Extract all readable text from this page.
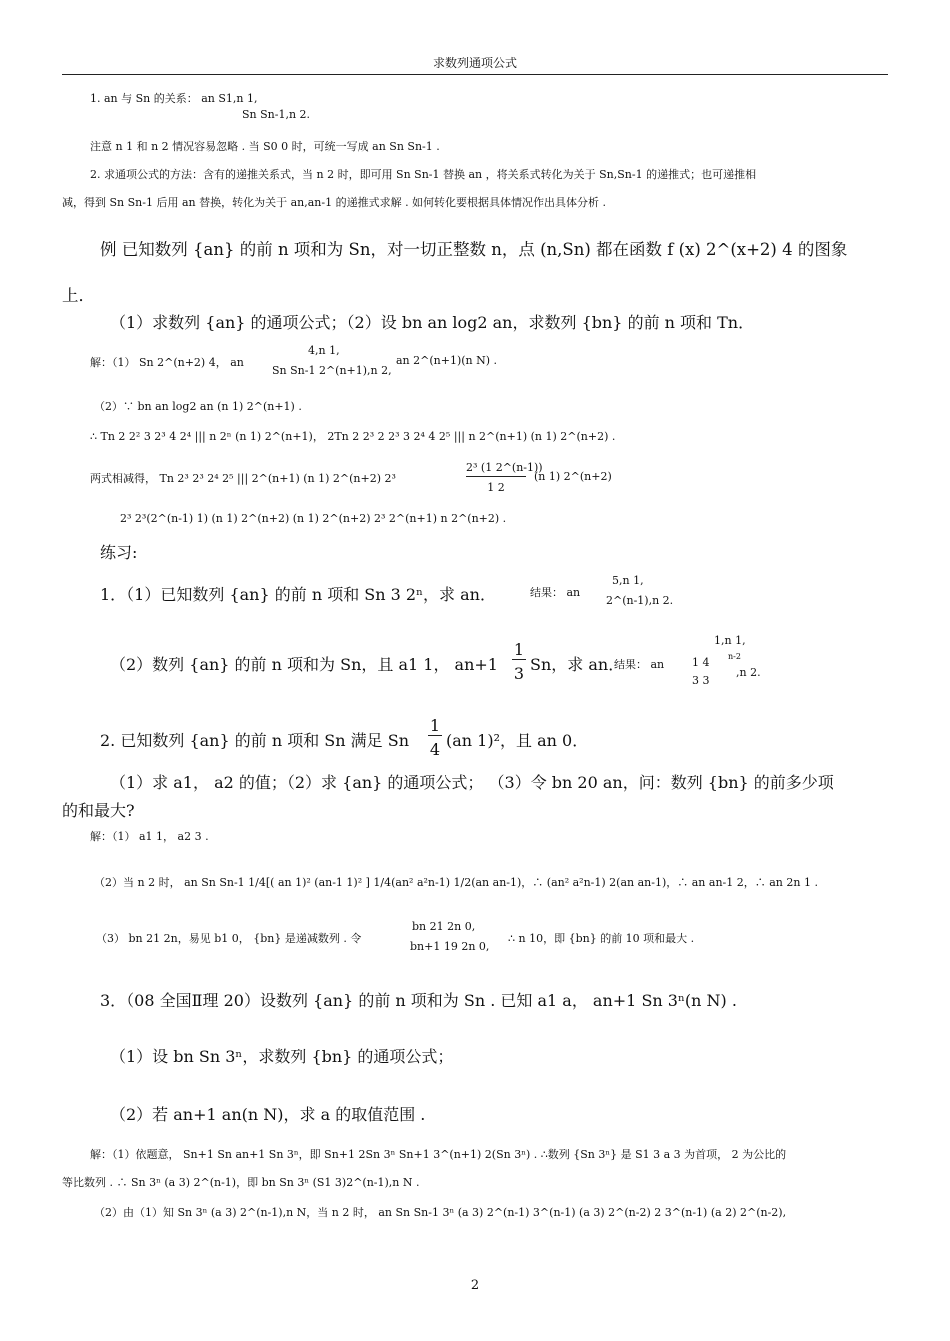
求数列通项公式
1. an 与 Sn 的关系： an S1,n 1,
Sn Sn-1,n 2.
注意 n 1 和 n 2 情况容易忽略 . 当 S0 0 时，可统一写成 an Sn Sn-1 .
2. 求通项公式的方法：含有的递推关系式，当 n 2 时，即可用 Sn Sn-1 替换 an ，将关系式转化为关于 Sn,Sn-1 的递推式；也可递推相
减，得到 Sn Sn-1 后用 an 替换，转化为关于 an,an-1 的递推式求解 . 如何转化要根据具体情况作出具体分析 .
例 已知数列 {an} 的前 n 项和为 Sn，对一切正整数 n，点 (n,Sn) 都在函数 f (x) 2^(x+2) 4 的图象
上．
（1）求数列 {an} 的通项公式；（2）设 bn an log2 an，求数列 {bn} 的前 n 项和 Tn．
4,n 1,
解：（1） Sn 2^(n+2) 4， an
Sn Sn-1 2^(n+1),n 2,
an 2^(n+1)(n N) .
（2）∵ bn an log2 an (n 1) 2^(n+1) .
∴ Tn 2 2² 3 2³ 4 2⁴ ||| n 2ⁿ (n 1) 2^(n+1)， 2Tn 2 2³ 2 2³ 3 2⁴ 4 2⁵ ||| n 2^(n+1) (n 1) 2^(n+2) .
两式相减得， Tn 2³ 2³ 2⁴ 2⁵ ||| 2^(n+1) (n 1) 2^(n+2) 2³
2³ (1 2^(n-1))
1 2
(n 1) 2^(n+2)
2³ 2³(2^(n-1) 1) (n 1) 2^(n+2) (n 1) 2^(n+2) 2³ 2^(n+1) n 2^(n+2) .
练习:
1．（1）已知数列 {an} 的前 n 项和 Sn 3 2ⁿ，求 an．	结果： an
5,n 1,
2^(n-1),n 2.
（2）数列 {an} 的前 n 项和为 Sn，且 a1 1， an+1
1
3 Sn，求 an．
结果： an
1,n 1,
1 4
3 3
n-2
,n 2.
2. 已知数列 {an} 的前 n 项和 Sn 满足 Sn
1
4 (an 1)²，且 an 0．
（1）求 a1， a2 的值；（2）求 {an} 的通项公式； （3）令 bn 20 an，问：数列 {bn} 的前多少项
的和最大?
解：（1） a1 1， a2 3 .
（2）当 n 2 时， an Sn Sn-1 1/4[( an 1)² (an-1 1)² ] 1/4(an² a²n-1) 1/2(an an-1)，∴ (an² a²n-1) 2(an an-1)，∴ an an-1 2，∴ an 2n 1 .
（3） bn 21 2n，易见 b1 0， {bn} 是递减数列 . 令
bn 21 2n 0,
bn+1 19 2n 0,
∴ n 10，即 {bn} 的前 10 项和最大 .
3．（08 全国Ⅱ理 20）设数列 {an} 的前 n 项和为 Sn . 已知 a1 a， an+1 Sn 3ⁿ(n N) .
（1）设 bn Sn 3ⁿ，求数列 {bn} 的通项公式；
（2）若 an+1 an(n N)，求 a 的取值范围 .
解：（1）依题意， Sn+1 Sn an+1 Sn 3ⁿ，即 Sn+1 2Sn 3ⁿ Sn+1 3^(n+1) 2(Sn 3ⁿ) . ∴数列 {Sn 3ⁿ} 是 S1 3 a 3 为首项， 2 为公比的
等比数列 . ∴ Sn 3ⁿ (a 3) 2^(n-1)，即 bn Sn 3ⁿ (S1 3)2^(n-1),n N .
（2）由（1）知 Sn 3ⁿ (a 3) 2^(n-1),n N，当 n 2 时， an Sn Sn-1 3ⁿ (a 3) 2^(n-1) 3^(n-1) (a 3) 2^(n-2) 2 3^(n-1) (a 2) 2^(n-2),
2
